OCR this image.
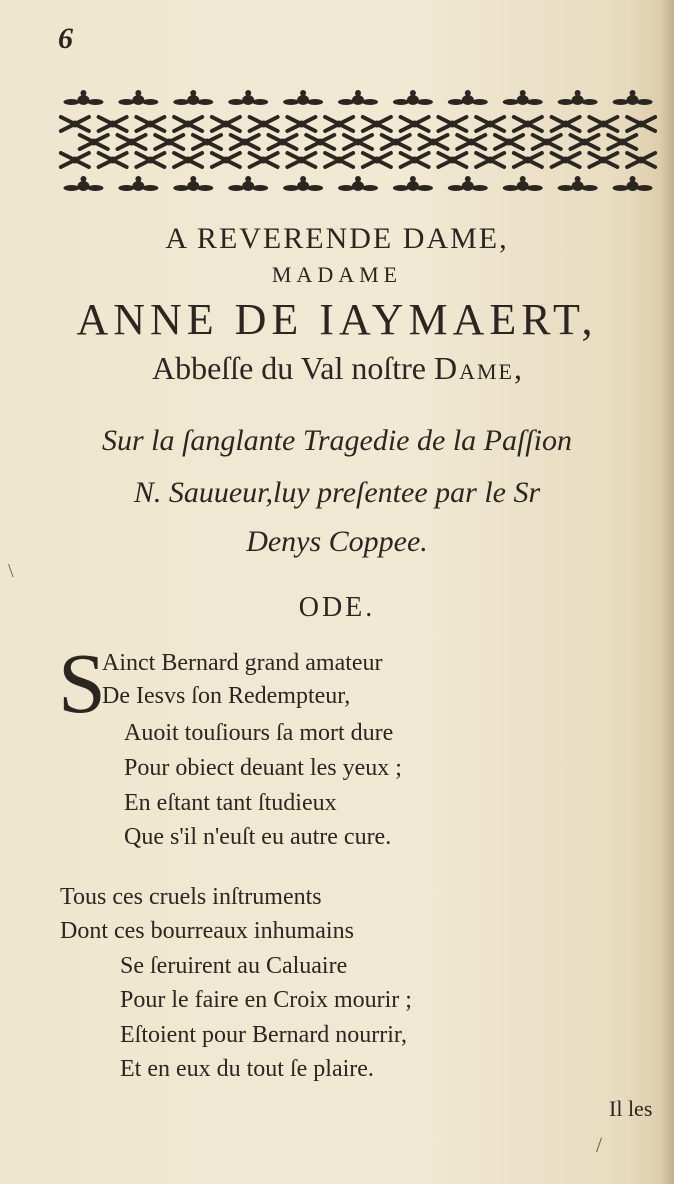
6
A REVERENDE DAME,
MADAME
ANNE DE IAYMAERT,
Abbeſſe du Val noſtre Dame,
Sur la ſanglante Tragedie de la Paſſion
N. Sauueur,luy preſentee par le Sr
Denys Coppee.
ODE.
S
Ainct Bernard grand amateur
De Iesvs ſon Redempteur,
Auoit touſiours ſa mort dure
Pour obiect deuant les yeux ;
En eſtant tant ſtudieux
Que s'il n'euſt eu autre cure.
Tous ces cruels inſtruments
Dont ces bourreaux inhumains
Se ſeruirent au Caluaire
Pour le faire en Croix mourir ;
Eſtoient pour Bernard nourrir,
Et en eux du tout ſe plaire.
Il les
\
/
